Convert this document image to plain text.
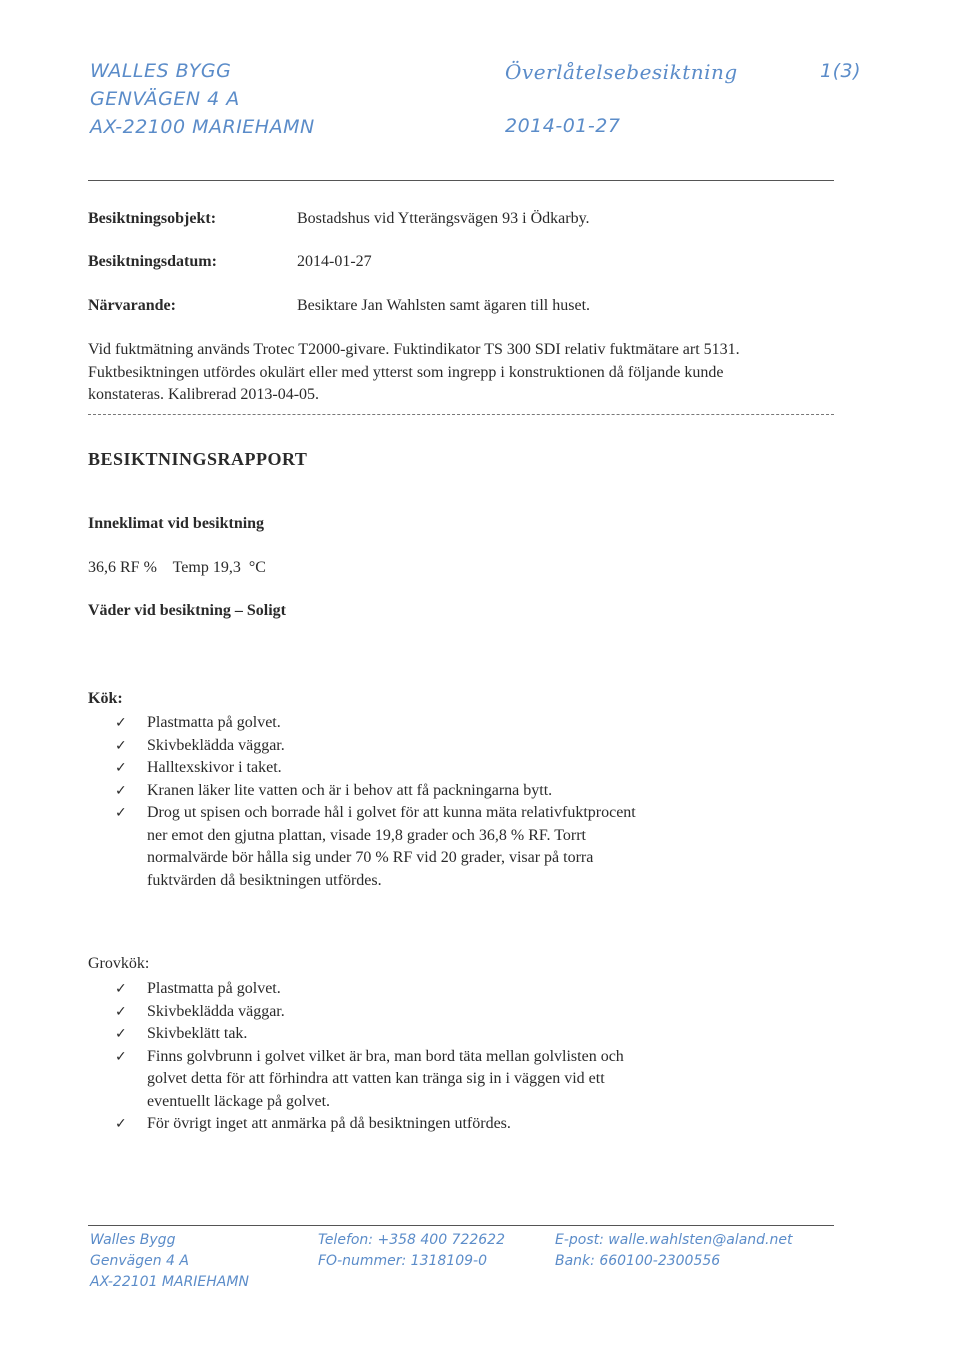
WALLES BYGG
GENVÄGEN 4 A
AX-22100 MARIEHAMN
Överlåtelsebesiktning
2014-01-27
1(3)
Besiktningsobjekt:	Bostadshus vid Ytterängsvägen 93 i Ödkarby.
Besiktningsdatum:	2014-01-27
Närvarande:	Besiktare Jan Wahlsten samt ägaren till huset.
Vid fuktmätning används Trotec T2000-givare. Fuktindikator TS 300 SDI relativ fuktmätare art 5131.
Fuktbesiktningen utfördes okulärt eller med ytterst som ingrepp i konstruktionen då följande kunde
konstateras. Kalibrerad 2013-04-05.
BESIKTNINGSRAPPORT
Inneklimat vid besiktning
36,6 RF %    Temp 19,3  °C
Väder vid besiktning – Soligt
Kök:
✓ Plastmatta på golvet.
✓ Skivbeklädda väggar.
✓ Halltexskivor i taket.
✓ Kranen läker lite vatten och är i behov att få packningarna bytt.
✓ Drog ut spisen och borrade hål i golvet för att kunna mäta relativfuktprocent ner emot den gjutna plattan, visade 19,8 grader och 36,8 % RF. Torrt normalvärde bör hålla sig under 70 % RF vid 20 grader, visar på torra fuktvärden då besiktningen utfördes.
Grovkök:
✓ Plastmatta på golvet.
✓ Skivbeklädda väggar.
✓ Skivbeklätt tak.
✓ Finns golvbrunn i golvet vilket är bra, man bord täta mellan golvlisten och golvet detta för att förhindra att vatten kan tränga sig in i väggen vid ett eventuellt läckage på golvet.
✓ För övrigt inget att anmärka på då besiktningen utfördes.
Walles Bygg
Genvägen 4 A
AX-22101 MARIEHAMN
Telefon: +358 400 722622
FO-nummer: 1318109-0
E-post: walle.wahlsten@aland.net
Bank: 660100-2300556
